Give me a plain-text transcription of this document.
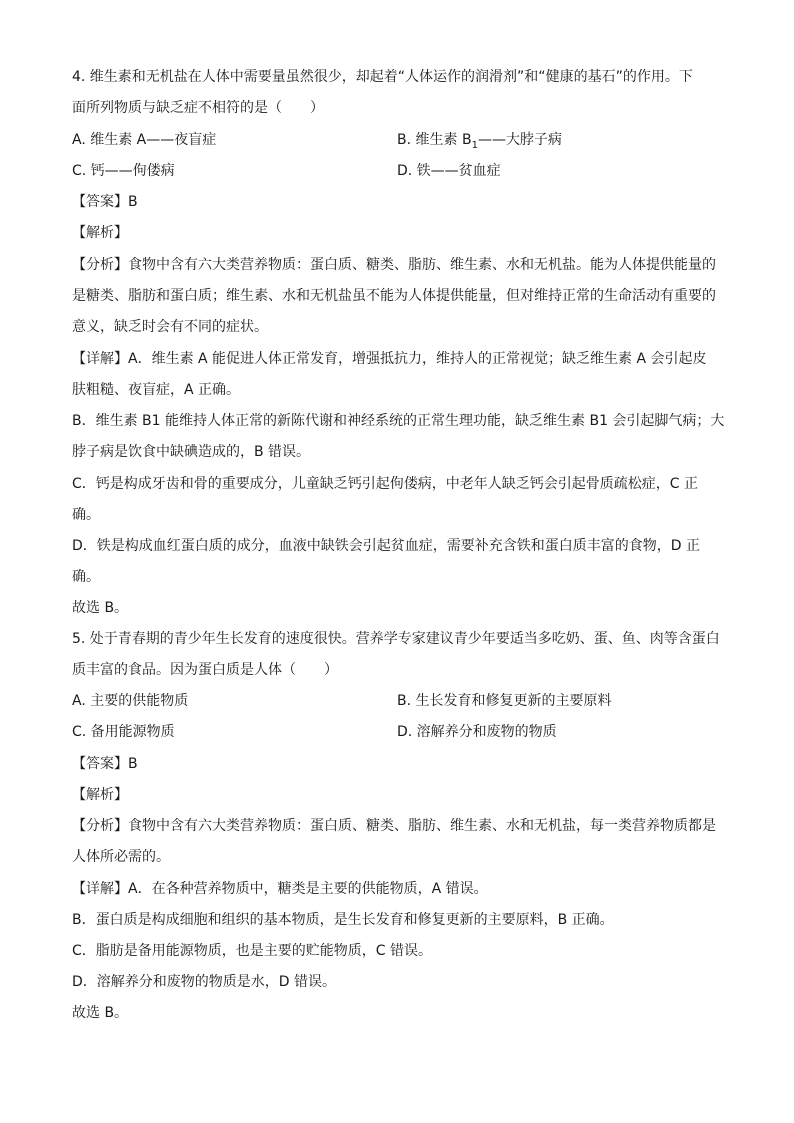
4. 维生素和无机盐在人体中需要量虽然很少，却起着“人体运作的润滑剂”和“健康的基石”的作用。下
面所列物质与缺乏症不相符的是（　　）
A. 维生素 A——夜盲症	B. 维生素 $B_1——$大脖子病
C. 钙——佝偻病	D. 铁——贫血症
【答案】B
【解析】
【分析】食物中含有六大类营养物质：蛋白质、糖类、脂肪、维生素、水和无机盐。能为人体提供能量的
是糖类、脂肪和蛋白质；维生素、水和无机盐虽不能为人体提供能量，但对维持正常的生命活动有重要的
意义，缺乏时会有不同的症状。
【详解】A．维生素 A 能促进人体正常发育，增强抵抗力，维持人的正常视觉；缺乏维生素 A 会引起皮
肤粗糙、夜盲症，A 正确。
B．维生素 B1 能维持人体正常的新陈代谢和神经系统的正常生理功能，缺乏维生素 B1 会引起脚气病；大
脖子病是饮食中缺碘造成的，B 错误。
C．钙是构成牙齿和骨的重要成分，儿童缺乏钙引起佝偻病，中老年人缺乏钙会引起骨质疏松症，C 正
确。
D．铁是构成血红蛋白质的成分，血液中缺铁会引起贫血症，需要补充含铁和蛋白质丰富的食物，D 正
确。
故选 B。
5. 处于青春期的青少年生长发育的速度很快。营养学专家建议青少年要适当多吃奶、蛋、鱼、肉等含蛋白
质丰富的食品。因为蛋白质是人体（　　）
A. 主要的供能物质	B. 生长发育和修复更新的主要原料
C. 备用能源物质	D. 溶解养分和废物的物质
【答案】B
【解析】
【分析】食物中含有六大类营养物质：蛋白质、糖类、脂肪、维生素、水和无机盐，每一类营养物质都是
人体所必需的。
【详解】A．在各种营养物质中，糖类是主要的供能物质，A 错误。
B．蛋白质是构成细胞和组织的基本物质，是生长发育和修复更新的主要原料，B 正确。
C．脂肪是备用能源物质，也是主要的贮能物质，C 错误。
D．溶解养分和废物的物质是水，D 错误。
故选 B。
